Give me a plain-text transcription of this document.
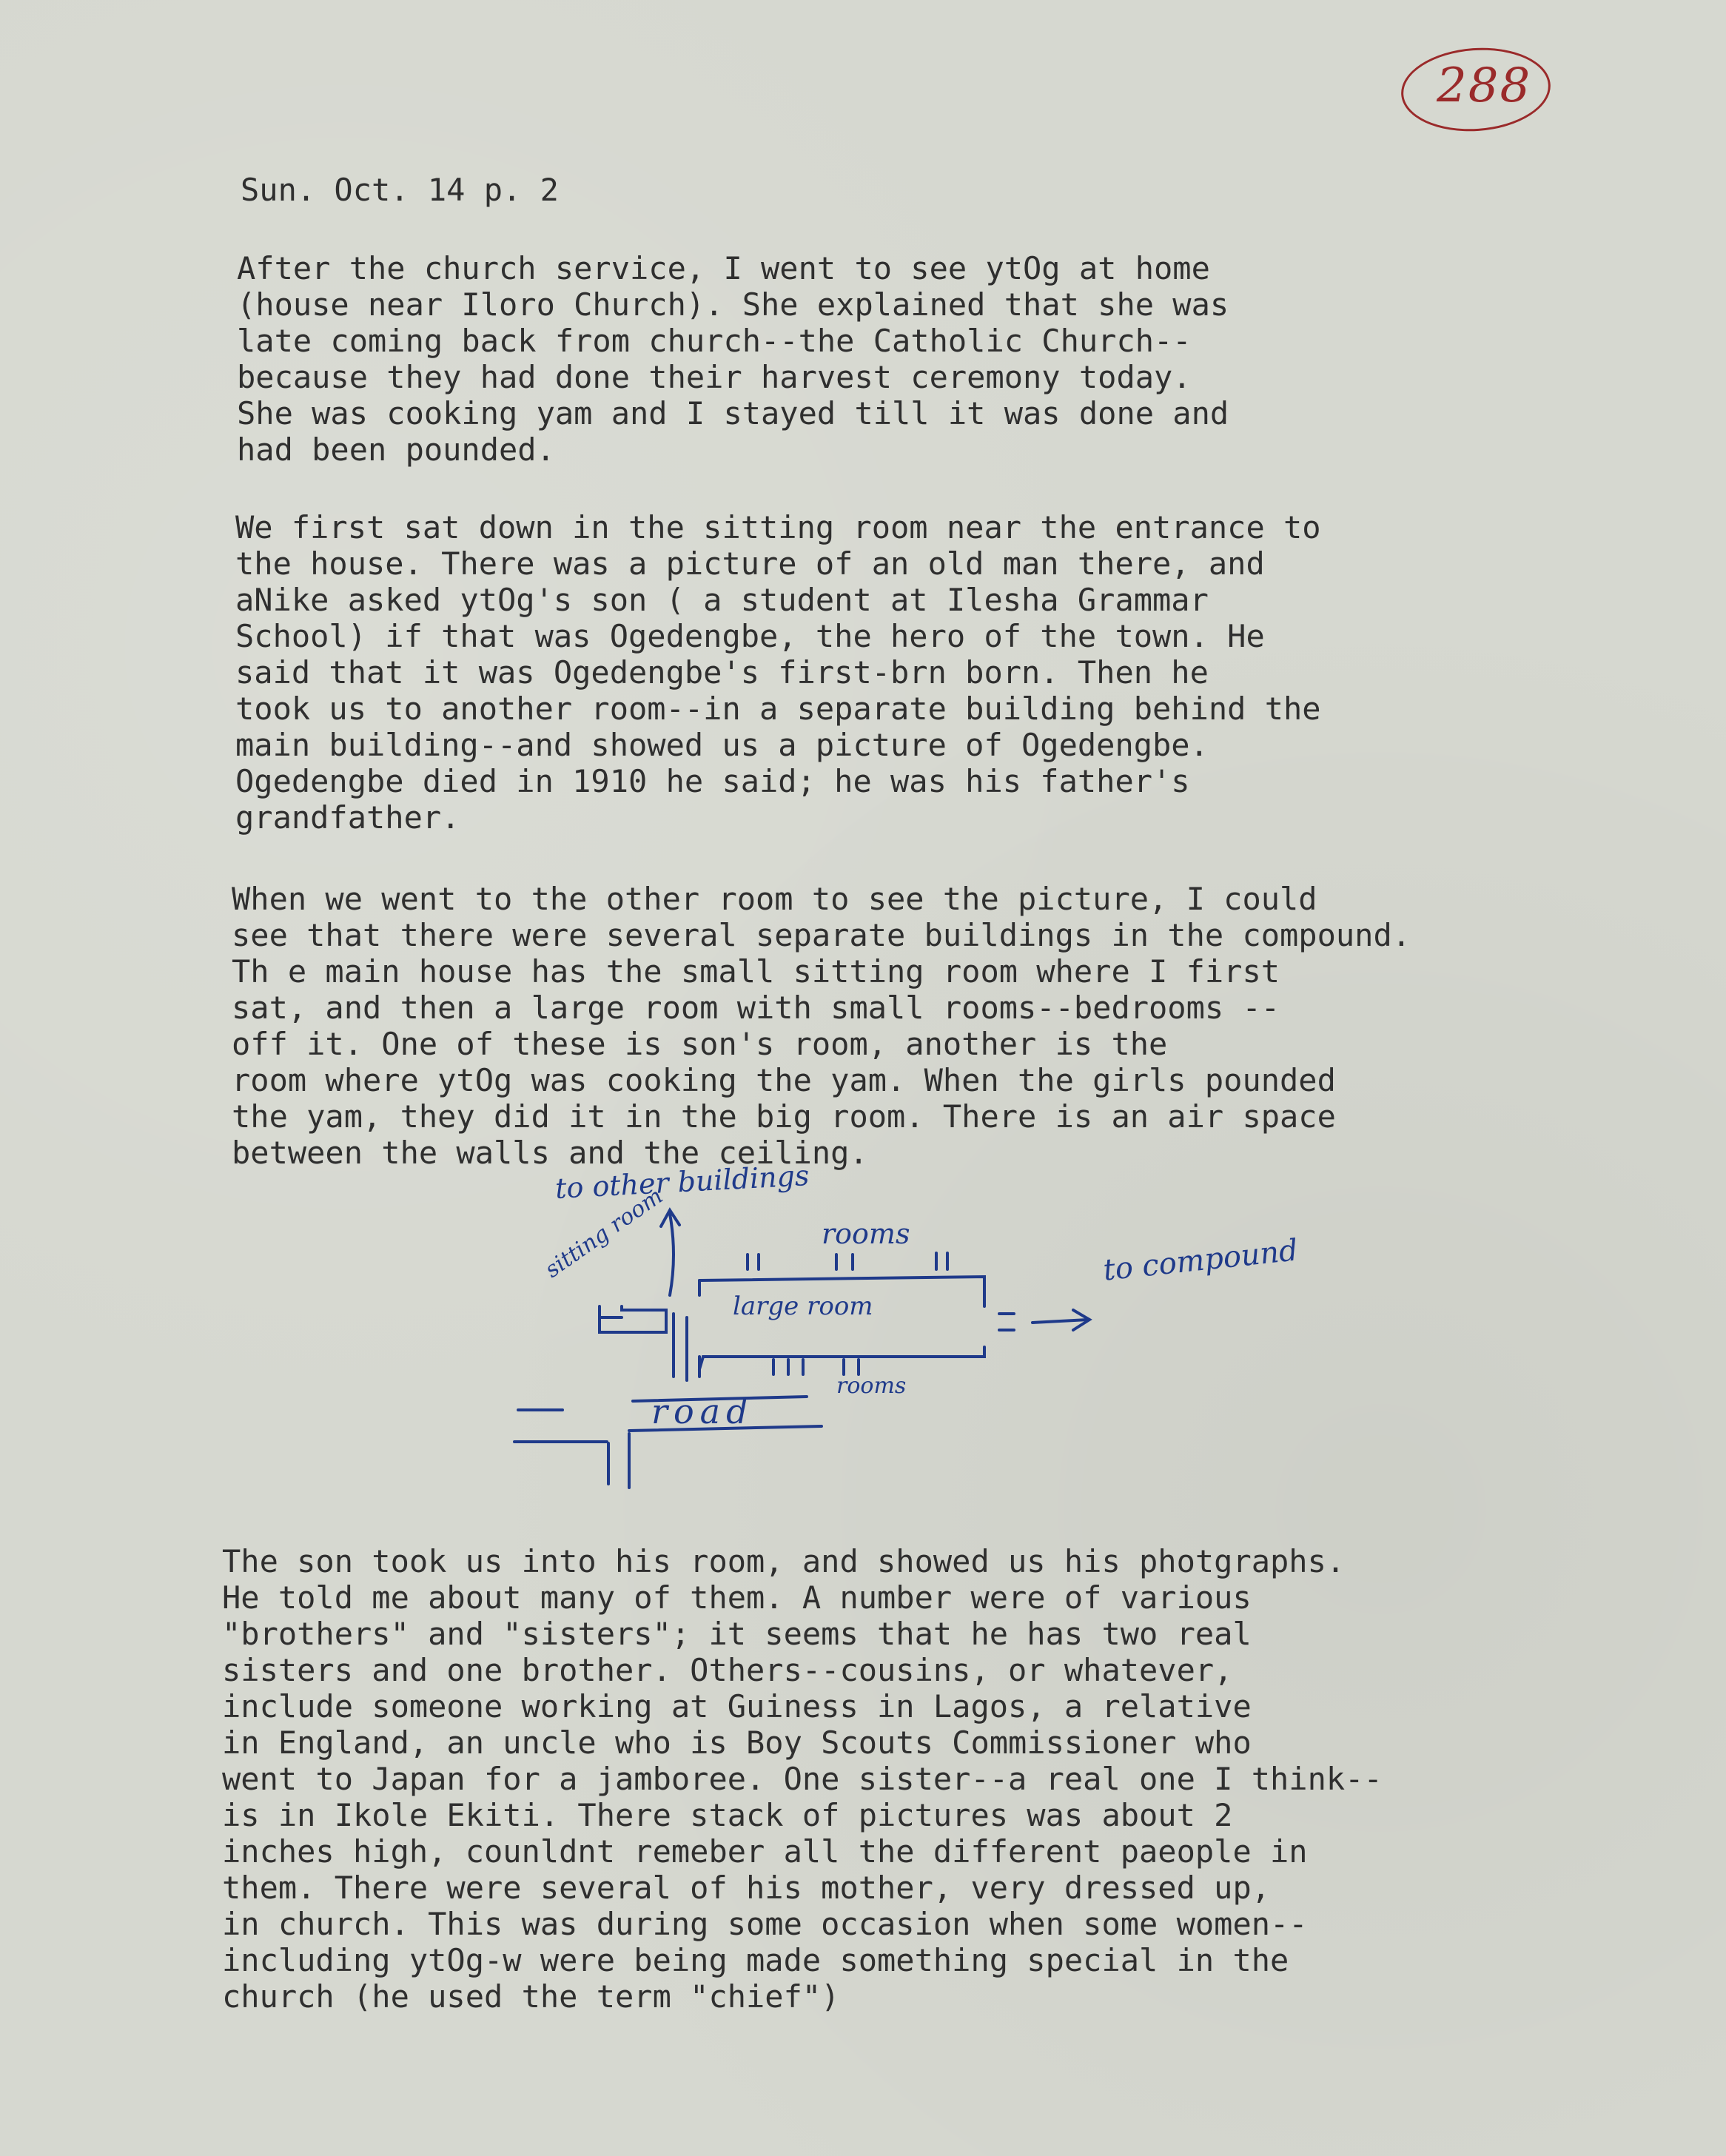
288

Sun. Oct. 14 p. 2

After the church service, I went to see ytOg at home
(house near Iloro Church). She explained that she was
late coming back from church--the Catholic Church--
because they had done their harvest ceremony today.
She was cooking yam and I stayed till it was done and
had been pounded.
We first sat down in the sitting room near the entrance to
the house. There was a picture of an old man there, and
aNike asked ytOg's son ( a student at Ilesha Grammar
School) if that was Ogedengbe, the hero of the town. He
said that it was Ogedengbe's first-brn born. Then he
took us to another room--in a separate building behind the
main building--and showed us a picture of Ogedengbe.
Ogedengbe died in 1910 he said; he was his father's
grandfather.
When we went to the other room to see the picture, I could
see that there were several separate buildings in the compound.
Th e main house has the small sitting room where I first
sat, and then a large room with small rooms--bedrooms --
off it. One of these is son's room, another is the
room where ytOg was cooking the yam. When the girls pounded
the yam, they did it in the big room. There is an air space
between the walls and the ceiling.
to other buildings
rooms
sitting room
large room
to compound
rooms
road
The son took us into his room, and showed us his photgraphs.
He told me about many of them. A number were of various
"brothers" and "sisters"; it seems that he has two real
sisters and one brother. Others--cousins, or whatever,
include someone working at Guiness in Lagos, a relative
in England, an uncle who is Boy Scouts Commissioner who
went to Japan for a jamboree. One sister--a real one I think--
is in Ikole Ekiti. There stack of pictures was about 2
inches high, counldnt remeber all the different paeople in
them. There were several of his mother, very dressed up,
in church. This was during some occasion when some women--
including ytOg-w were being made something special in the
church (he used the term "chief")
